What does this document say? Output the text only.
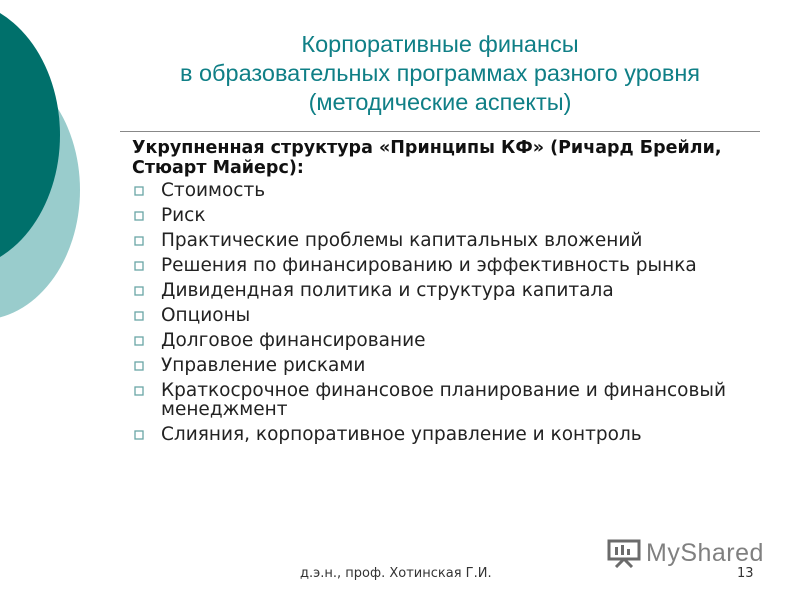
Корпоративные финансы
в образовательных программах разного уровня
(методические аспекты)
Укрупненная структура «Принципы КФ» (Ричард Брейли, Стюарт Майерс):
Стоимость
Риск
Практические проблемы капитальных вложений
Решения по финансированию и эффективность рынка
Дивидендная политика и структура капитала
Опционы
Долговое финансирование
Управление рисками
Краткосрочное финансовое планирование и финансовый менеджмент
Слияния, корпоративное управление и контроль
MyShared
д.э.н., проф. Хотинская Г.И.	13
